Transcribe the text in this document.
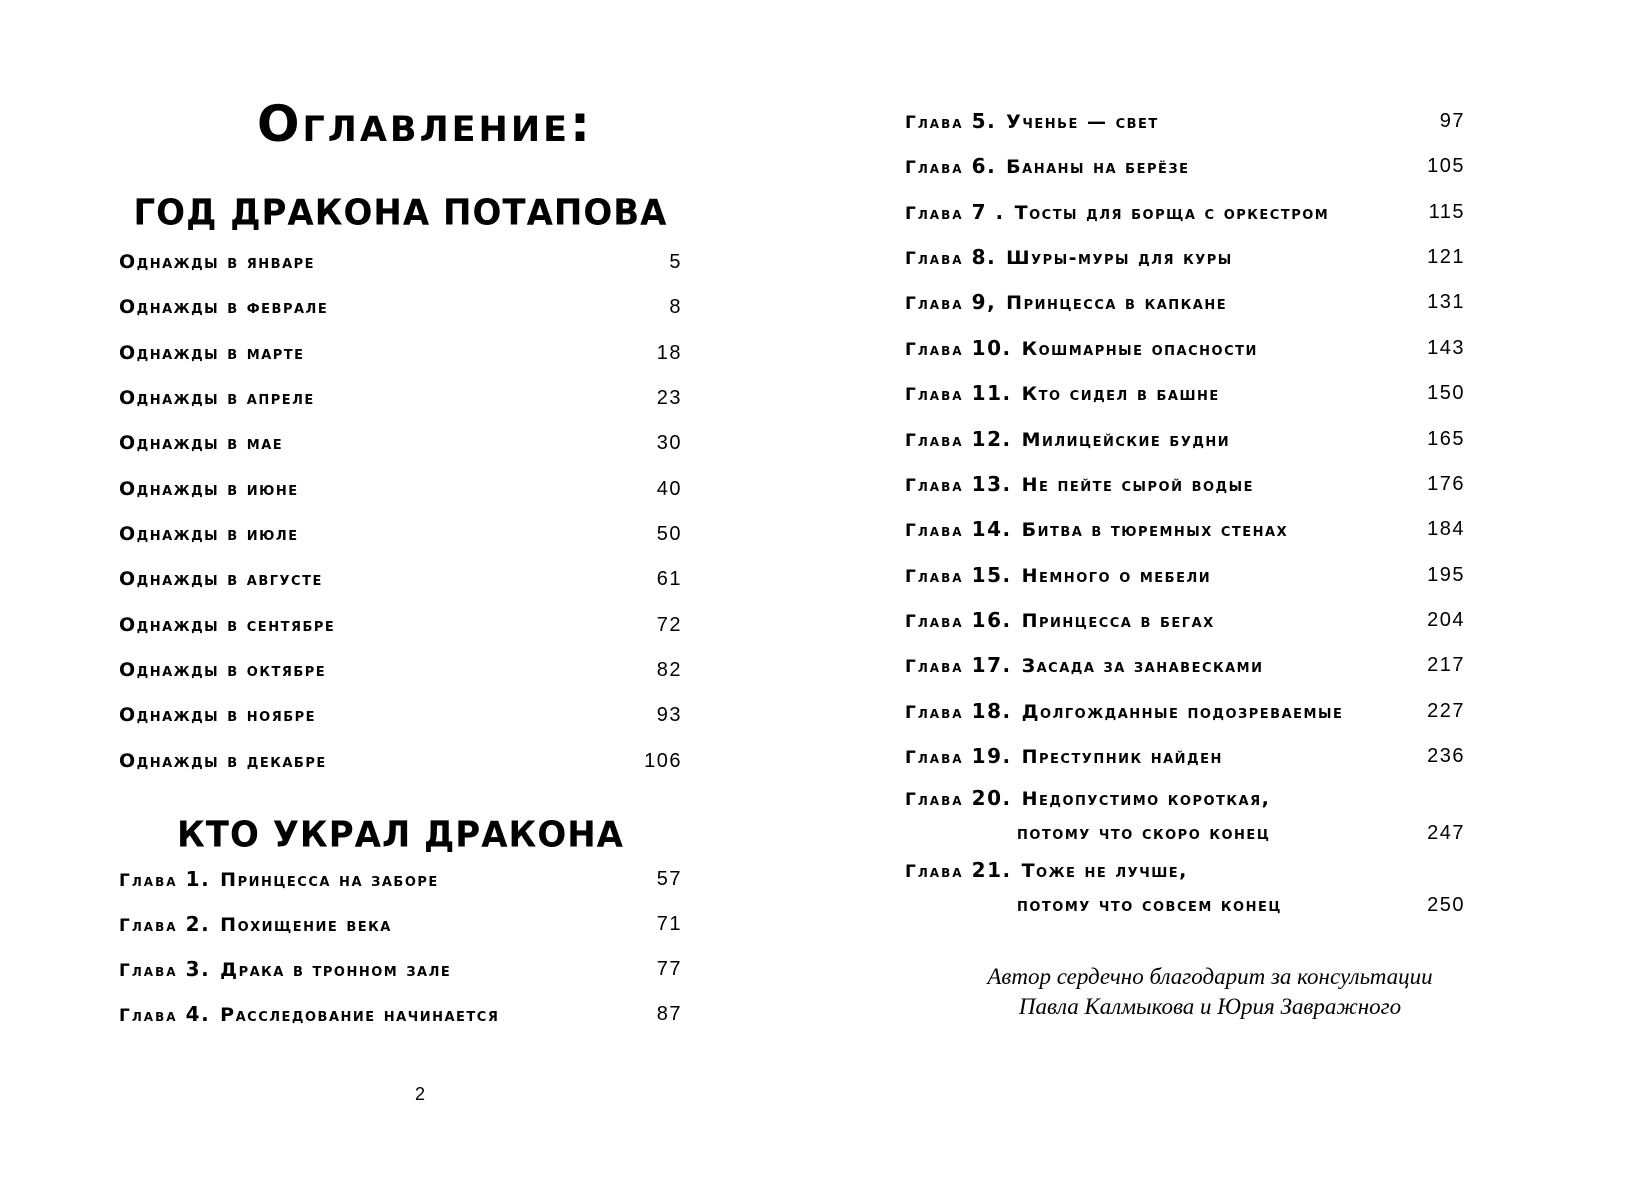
Оглавление:
ГОД ДРАКОНА ПОТАПОВА
Однажды в январе	5
Однажды в феврале	8
Однажды в марте	18
Однажды в апреле	23
Однажды в мае	30
Однажды в июне	40
Однажды в июле	50
Однажды в августе	61
Однажды в сентябре	72
Однажды в октябре	82
Однажды в ноябре	93
Однажды в декабре	106
КТО УКРАЛ ДРАКОНА
Глава 1. Принцесса на заборе	57
Глава 2. Похищение века	71
Глава 3. Драка в тронном зале	77
Глава 4. Расследование начинается	87
2
Глава 5. Ученье — свет	97
Глава 6. Бананы на берёзе	105
Глава 7 . Тосты для борща с оркестром	115
Глава 8. Шуры-муры для куры	121
Глава 9, Принцесса в капкане	131
Глава 10. Кошмарные опасности	143
Глава 11. Кто сидел в башне	150
Глава 12. Милицейские будни	165
Глава 13. Не пейте сырой водые	176
Глава 14. Битва в тюремных стенах	184
Глава 15. Немного о мебели	195
Глава 16. Принцесса в бегах	204
Глава 17. Засада за занавесками	217
Глава 18. Долгожданные подозреваемые	227
Глава 19. Преступник найден	236
Глава 20. Недопустимо короткая,
потому что скоро конец	247
Глава 21. Тоже не лучше,
потому что совсем конец	250
Автор сердечно благодарит за консультации
Павла Калмыкова и Юрия Завражного
